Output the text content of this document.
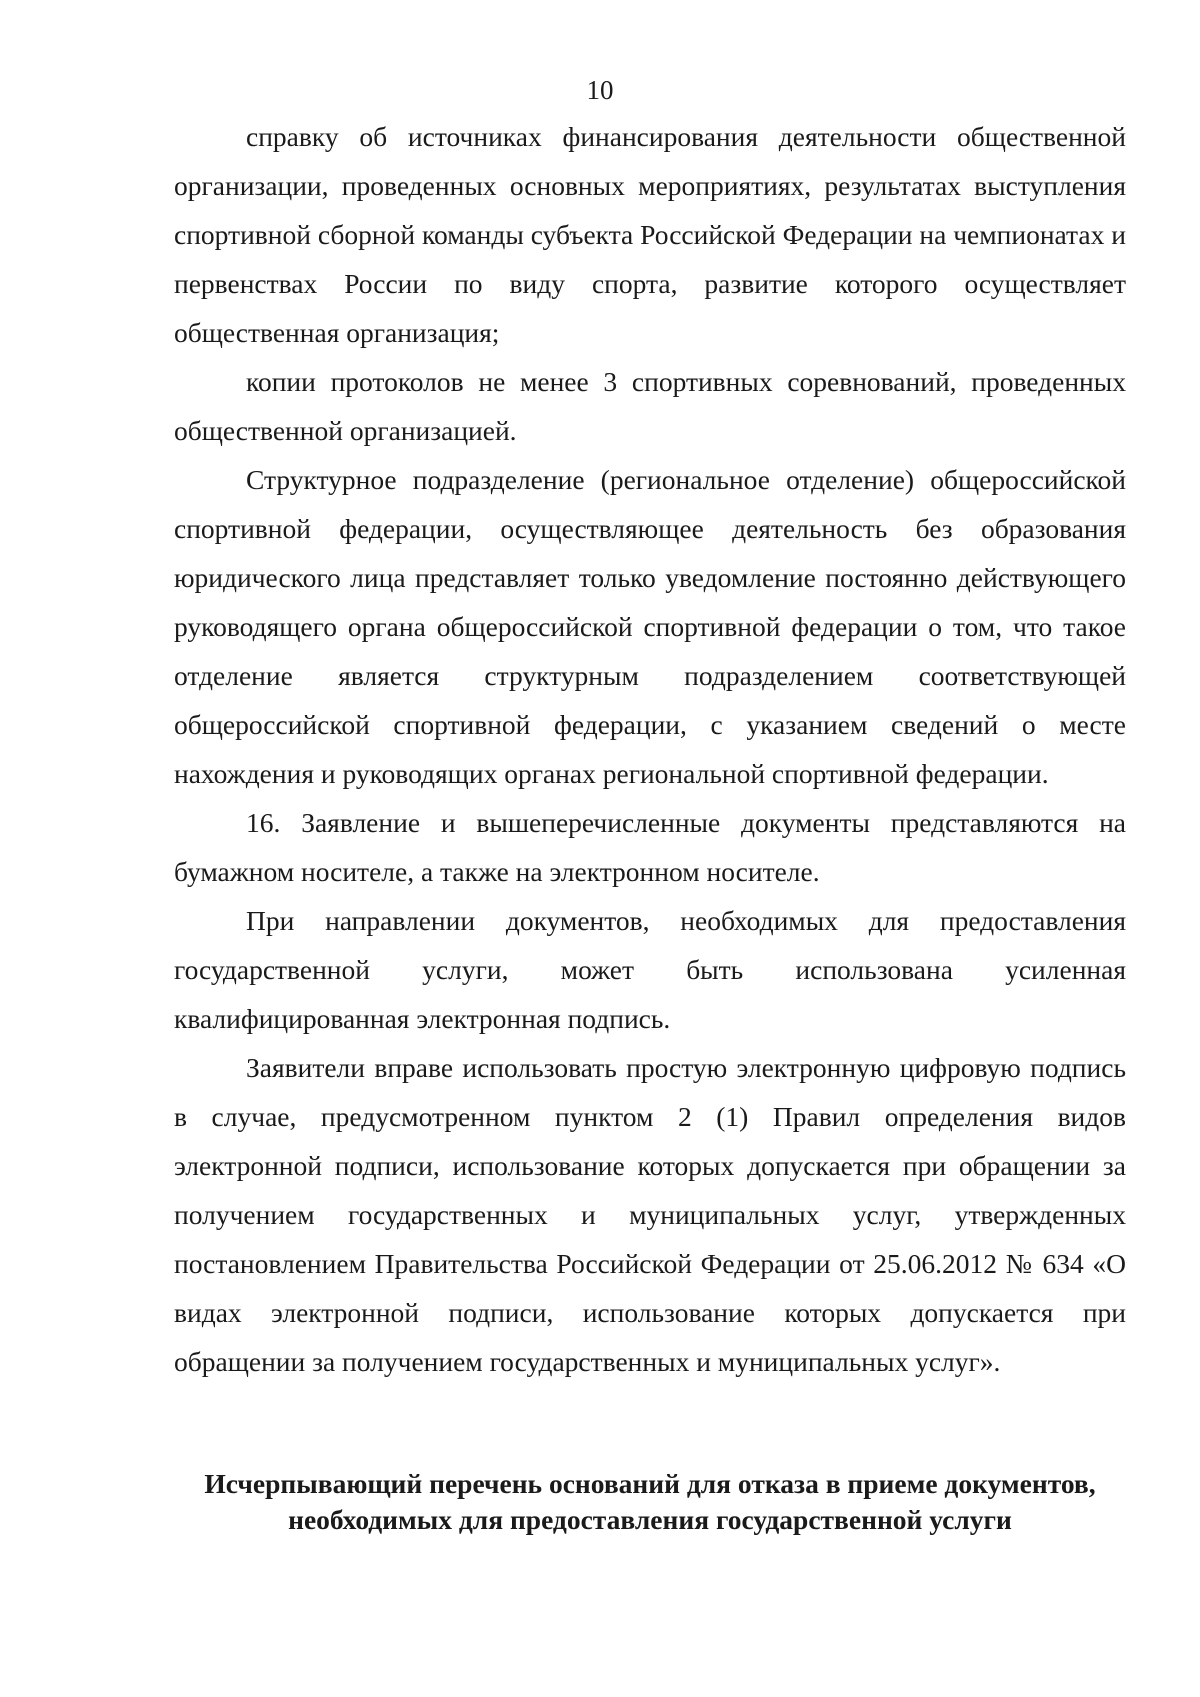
10

справку об источниках финансирования деятельности общественной организации, проведенных основных мероприятиях, результатах выступления спортивной сборной команды субъекта Российской Федерации на чемпионатах и первенствах России по виду спорта, развитие которого осуществляет общественная организация;

копии протоколов не менее 3 спортивных соревнований, проведенных общественной организацией.

Структурное подразделение (региональное отделение) общероссийской спортивной федерации, осуществляющее деятельность без образования юридического лица представляет только уведомление постоянно действующего руководящего органа общероссийской спортивной федерации о том, что такое отделение является структурным подразделением соответствующей общероссийской спортивной федерации, с указанием сведений о месте нахождения и руководящих органах региональной спортивной федерации.

16. Заявление и вышеперечисленные документы представляются на бумажном носителе, а также на электронном носителе.

При направлении документов, необходимых для предоставления государственной услуги, может быть использована усиленная квалифицированная электронная подпись.

Заявители вправе использовать простую электронную цифровую подпись в случае, предусмотренном пунктом 2 (1) Правил определения видов электронной подписи, использование которых допускается при обращении за получением государственных и муниципальных услуг, утвержденных постановлением Правительства Российской Федерации от 25.06.2012 № 634 «О видах электронной подписи, использование которых допускается при обращении за получением государственных и муниципальных услуг».

Исчерпывающий перечень оснований для отказа в приеме документов,
необходимых для предоставления государственной услуги
